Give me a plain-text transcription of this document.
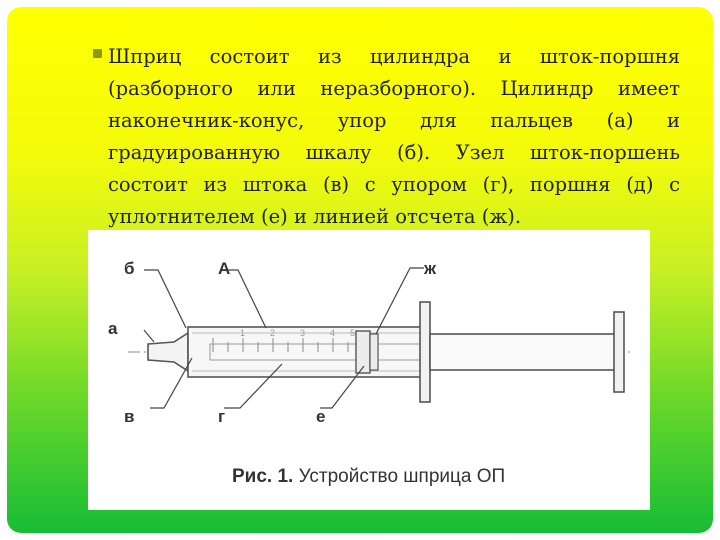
Шприц состоит из цилиндра и шток-поршня (разборного или неразборного). Цилиндр имеет наконечник-конус, упор для пальцев (а) и градуированную шкалу (б). Узел шток-поршень состоит из штока (в) с упором (г), поршня (д) с уплотнителем (е) и линией отсчета (ж).

1	2	3	4 5
б	А	ж
а
в	г	е
Рис. 1. Устройство шприца ОП
